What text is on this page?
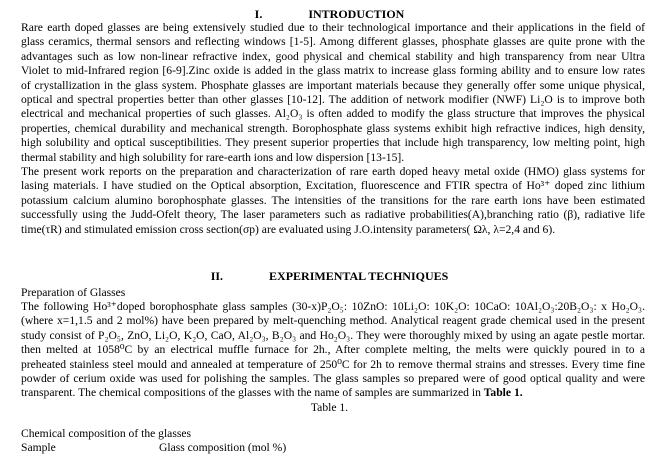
I.	INTRODUCTION
Rare earth doped glasses are being extensively studied due to their technological importance and their applications in the field of
glass ceramics, thermal sensors and reflecting windows [1-5]. Among different glasses, phosphate glasses are quite prone with the
advantages such as low non-linear refractive index, good physical and chemical stability and high transparency from near Ultra
Violet to mid-Infrared region [6-9].Zinc oxide is added in the glass matrix to increase glass forming ability and to ensure low rates
of crystallization in the glass system. Phosphate glasses are important materials because they generally offer some unique physical,
optical and spectral properties better than other glasses [10-12]. The addition of network modifier (NWF) Li₂O is to improve both
electrical and mechanical properties of such glasses. Al₂O₃ is often added to modify the glass structure that improves the physical
properties, chemical durability and mechanical strength. Borophosphate glass systems exhibit high refractive indices, high density,
high solubility and optical susceptibilities. They present superior properties that include high transparency, low melting point, high
thermal stability and high solubility for rare-earth ions and low dispersion [13-15].
The present work reports on the preparation and characterization of rare earth doped heavy metal oxide (HMO) glass systems for
lasing materials. I have studied on the Optical absorption, Excitation, fluorescence and FTIR spectra of Ho³⁺ doped zinc lithium
potassium calcium alumino borophosphate glasses. The intensities of the transitions for the rare earth ions have been estimated
successfully using the Judd-Ofelt theory, The laser parameters such as radiative probabilities(A),branching ratio (β), radiative life
time(τR) and stimulated emission cross section(σp) are evaluated using J.O.intensity parameters( Ωλ, λ=2,4 and 6).
II.	EXPERIMENTAL TECHNIQUES
Preparation of Glasses
The following Ho³⁺doped borophosphate glass samples (30-x)P₂O₅: 10ZnO: 10Li₂O: 10K₂O: 10CaO: 10Al₂O₃:20B₂O₃: x Ho₂O₃.
(where x=1,1.5 and 2 mol%) have been prepared by melt-quenching method. Analytical reagent grade chemical used in the present
study consist of P₂O₅, ZnO, Li₂O, K₂O, CaO, Al₂O₃, B₂O₃ and Ho₂O₃. They were thoroughly mixed by using an agate pestle mortar.
then melted at 1058⁰C by an electrical muffle furnace for 2h., After complete melting, the melts were quickly poured in to a
preheated stainless steel mould and annealed at temperature of 250⁰C for 2h to remove thermal strains and stresses. Every time fine
powder of cerium oxide was used for polishing the samples. The glass samples so prepared were of good optical quality and were
transparent. The chemical compositions of the glasses with the name of samples are summarized in Table 1.
Table 1.
Chemical composition of the glasses
Sample	Glass composition (mol %)
